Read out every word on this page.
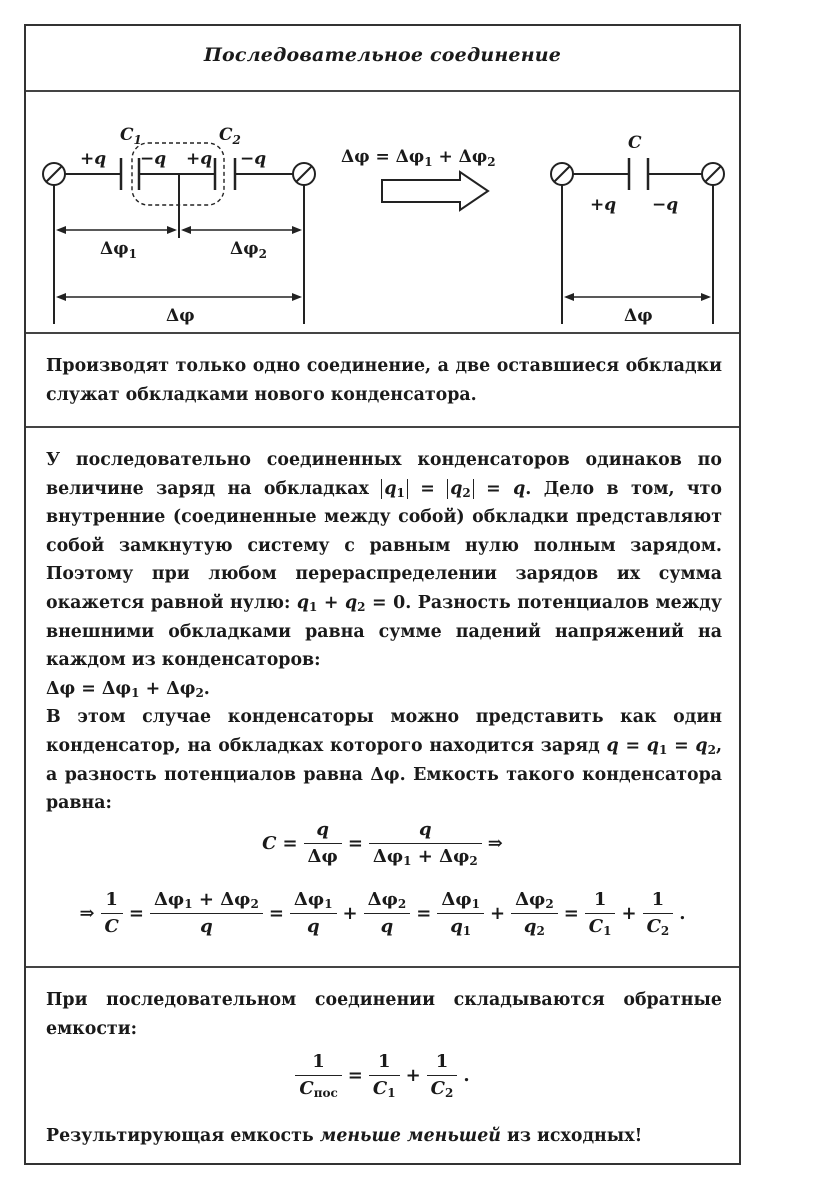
Последовательное соединение
$C_1$	$C_2$
+q −q +q −q
$\Delta\varphi_1$	$\Delta\varphi_2$
Δφ
$\Delta\varphi = \Delta\varphi_1 + \Delta\varphi_2$
C
+q −q
Δφ
Производят только одно соединение, а две оставшиеся обкладки служат обкладками нового конденсатора.

У последовательно соединенных конденсаторов одинаков по величине заряд на обкладках $q_1 = q_2 = q$. Дело в том, что внутренние (соединенные между собой) обкладки представляют собой замкнутую систему с равным нулю полным зарядом. Поэтому при любом перераспределении зарядов их сумма окажется равной нулю: $q_1 + q_2 = 0$. Разность потенциалов между внешними обкладками равна сумме падений напряжений на каждом из конденсаторов:

$\Delta\varphi = \Delta\varphi_1 + \Delta\varphi_2$.

В этом случае конденсаторы можно представить как один конденсатор, на обкладках которого находится заряд $q = q_1 = q_2$, а разность потенциалов равна Δφ. Емкость такого конденсатора равна:

$C = \frac{q}{\Delta\varphi} = \frac{q}{\Delta\varphi_1 + \Delta\varphi_2}$ ⇒
⇒ $\frac{1}{C} = \frac{\Delta\varphi_1 + \Delta\varphi_2}{q} = \frac{\Delta\varphi_1}{q} + \frac{\Delta\varphi_2}{q} = \frac{\Delta\varphi_1}{q_1} + \frac{\Delta\varphi_2}{q_2} = \frac{1}{C_1} + \frac{1}{C_2}$ .
При последовательном соединении складываются обратные емкости:
$\frac{1}{C_{пос}} = \frac{1}{C_1} + \frac{1}{C_2}$ .
Результирующая емкость меньше меньшей из исходных!
